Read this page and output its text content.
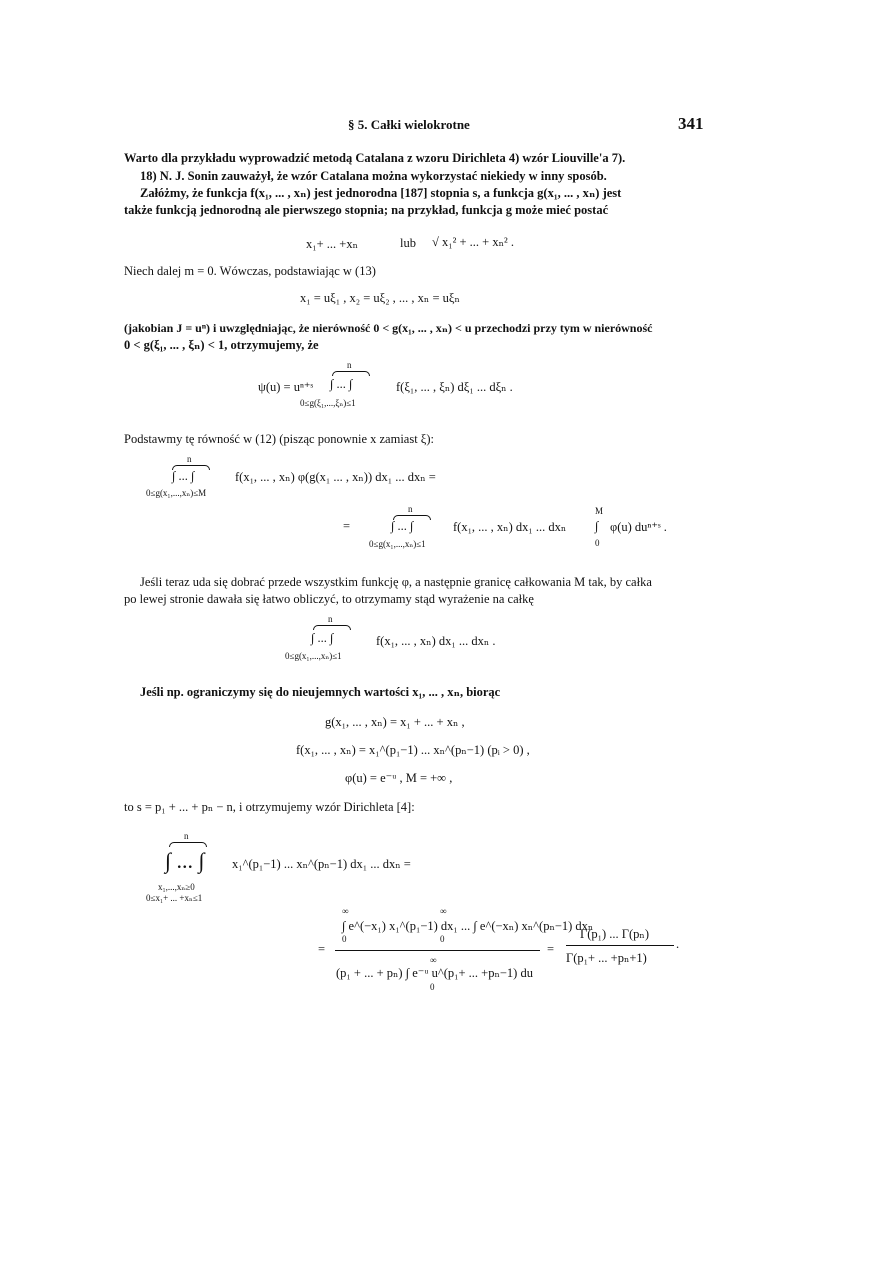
§ 5. Całki wielokrotne	341
Warto dla przykładu wyprowadzić metodą Catalana z wzoru Dirichleta 4) wzór Liouville'a 7).
18) N. J. Sonin zauważył, że wzór Catalana można wykorzystać niekiedy w inny sposób.
Załóżmy, że funkcja f(x₁, ... , xₙ) jest jednorodna [187] stopnia s, a funkcja g(x₁, ... , xₙ) jest
także funkcją jednorodną ale pierwszego stopnia; na przykład, funkcja g może mieć postać
x₁+ ... +xₙ	lub √ x₁² + ... + xₙ² .
Niech dalej m = 0. Wówczas, podstawiając w (13)
x₁ = uξ₁ , x₂ = uξ₂ , ... , xₙ = uξₙ
(jakobian J = uⁿ) i uwzględniając, że nierówność 0 < g(x₁, ... , xₙ) < u przechodzi przy tym w nierówność
0 < g(ξ₁, ... , ξₙ) < 1, otrzymujemy, że
n
ψ(u) = uⁿ⁺ˢ ∫ ... ∫	f(ξ₁, ... , ξₙ) dξ₁ ... dξₙ .
0≤g(ξ₁,...,ξₙ)≤1
Podstawmy tę równość w (12) (pisząc ponownie x zamiast ξ):
n
∫ ... ∫	f(x₁, ... , xₙ) φ(g(x₁ ... , xₙ)) dx₁ ... dxₙ =
0≤g(x₁,...,xₙ)≤M
n
=	∫ ... ∫	f(x₁, ... , xₙ) dx₁ ... dxₙ
0≤g(x₁,...,xₙ)≤1
M
∫
0
φ(u) duⁿ⁺ˢ .
Jeśli teraz uda się dobrać przede wszystkim funkcję φ, a następnie granicę całkowania M tak, by całka
po lewej stronie dawała się łatwo obliczyć, to otrzymamy stąd wyrażenie na całkę
n
∫ ... ∫	f(x₁, ... , xₙ) dx₁ ... dxₙ .
0≤g(x₁,...,xₙ)≤1
Jeśli np. ograniczymy się do nieujemnych wartości x₁, ... , xₙ, biorąc
g(x₁, ... , xₙ) = x₁ + ... + xₙ ,
f(x₁, ... , xₙ) = x₁^(p₁−1) ... xₙ^(pₙ−1) (pᵢ > 0) ,
φ(u) = e⁻ᵘ , M = +∞ ,
to s = p₁ + ... + pₙ − n, i otrzymujemy wzór Dirichleta [4]:
n
∫ ... ∫ x₁^(p₁−1) ... xₙ^(pₙ−1) dx₁ ... dxₙ =
x₁,...,xₙ≥0
0≤x₁+ ... +xₙ≤1
∞	∞
∫ e^(−x₁) x₁^(p₁−1) dx₁ ... ∫ e^(−xₙ) xₙ^(pₙ−1) dxₙ
0	0
=
∞
(p₁ + ... + pₙ) ∫ e⁻ᵘ u^(p₁+ ... +pₙ−1) du
0
=
Γ(p₁) ... Γ(pₙ)
Γ(p₁+ ... +pₙ+1)
.
